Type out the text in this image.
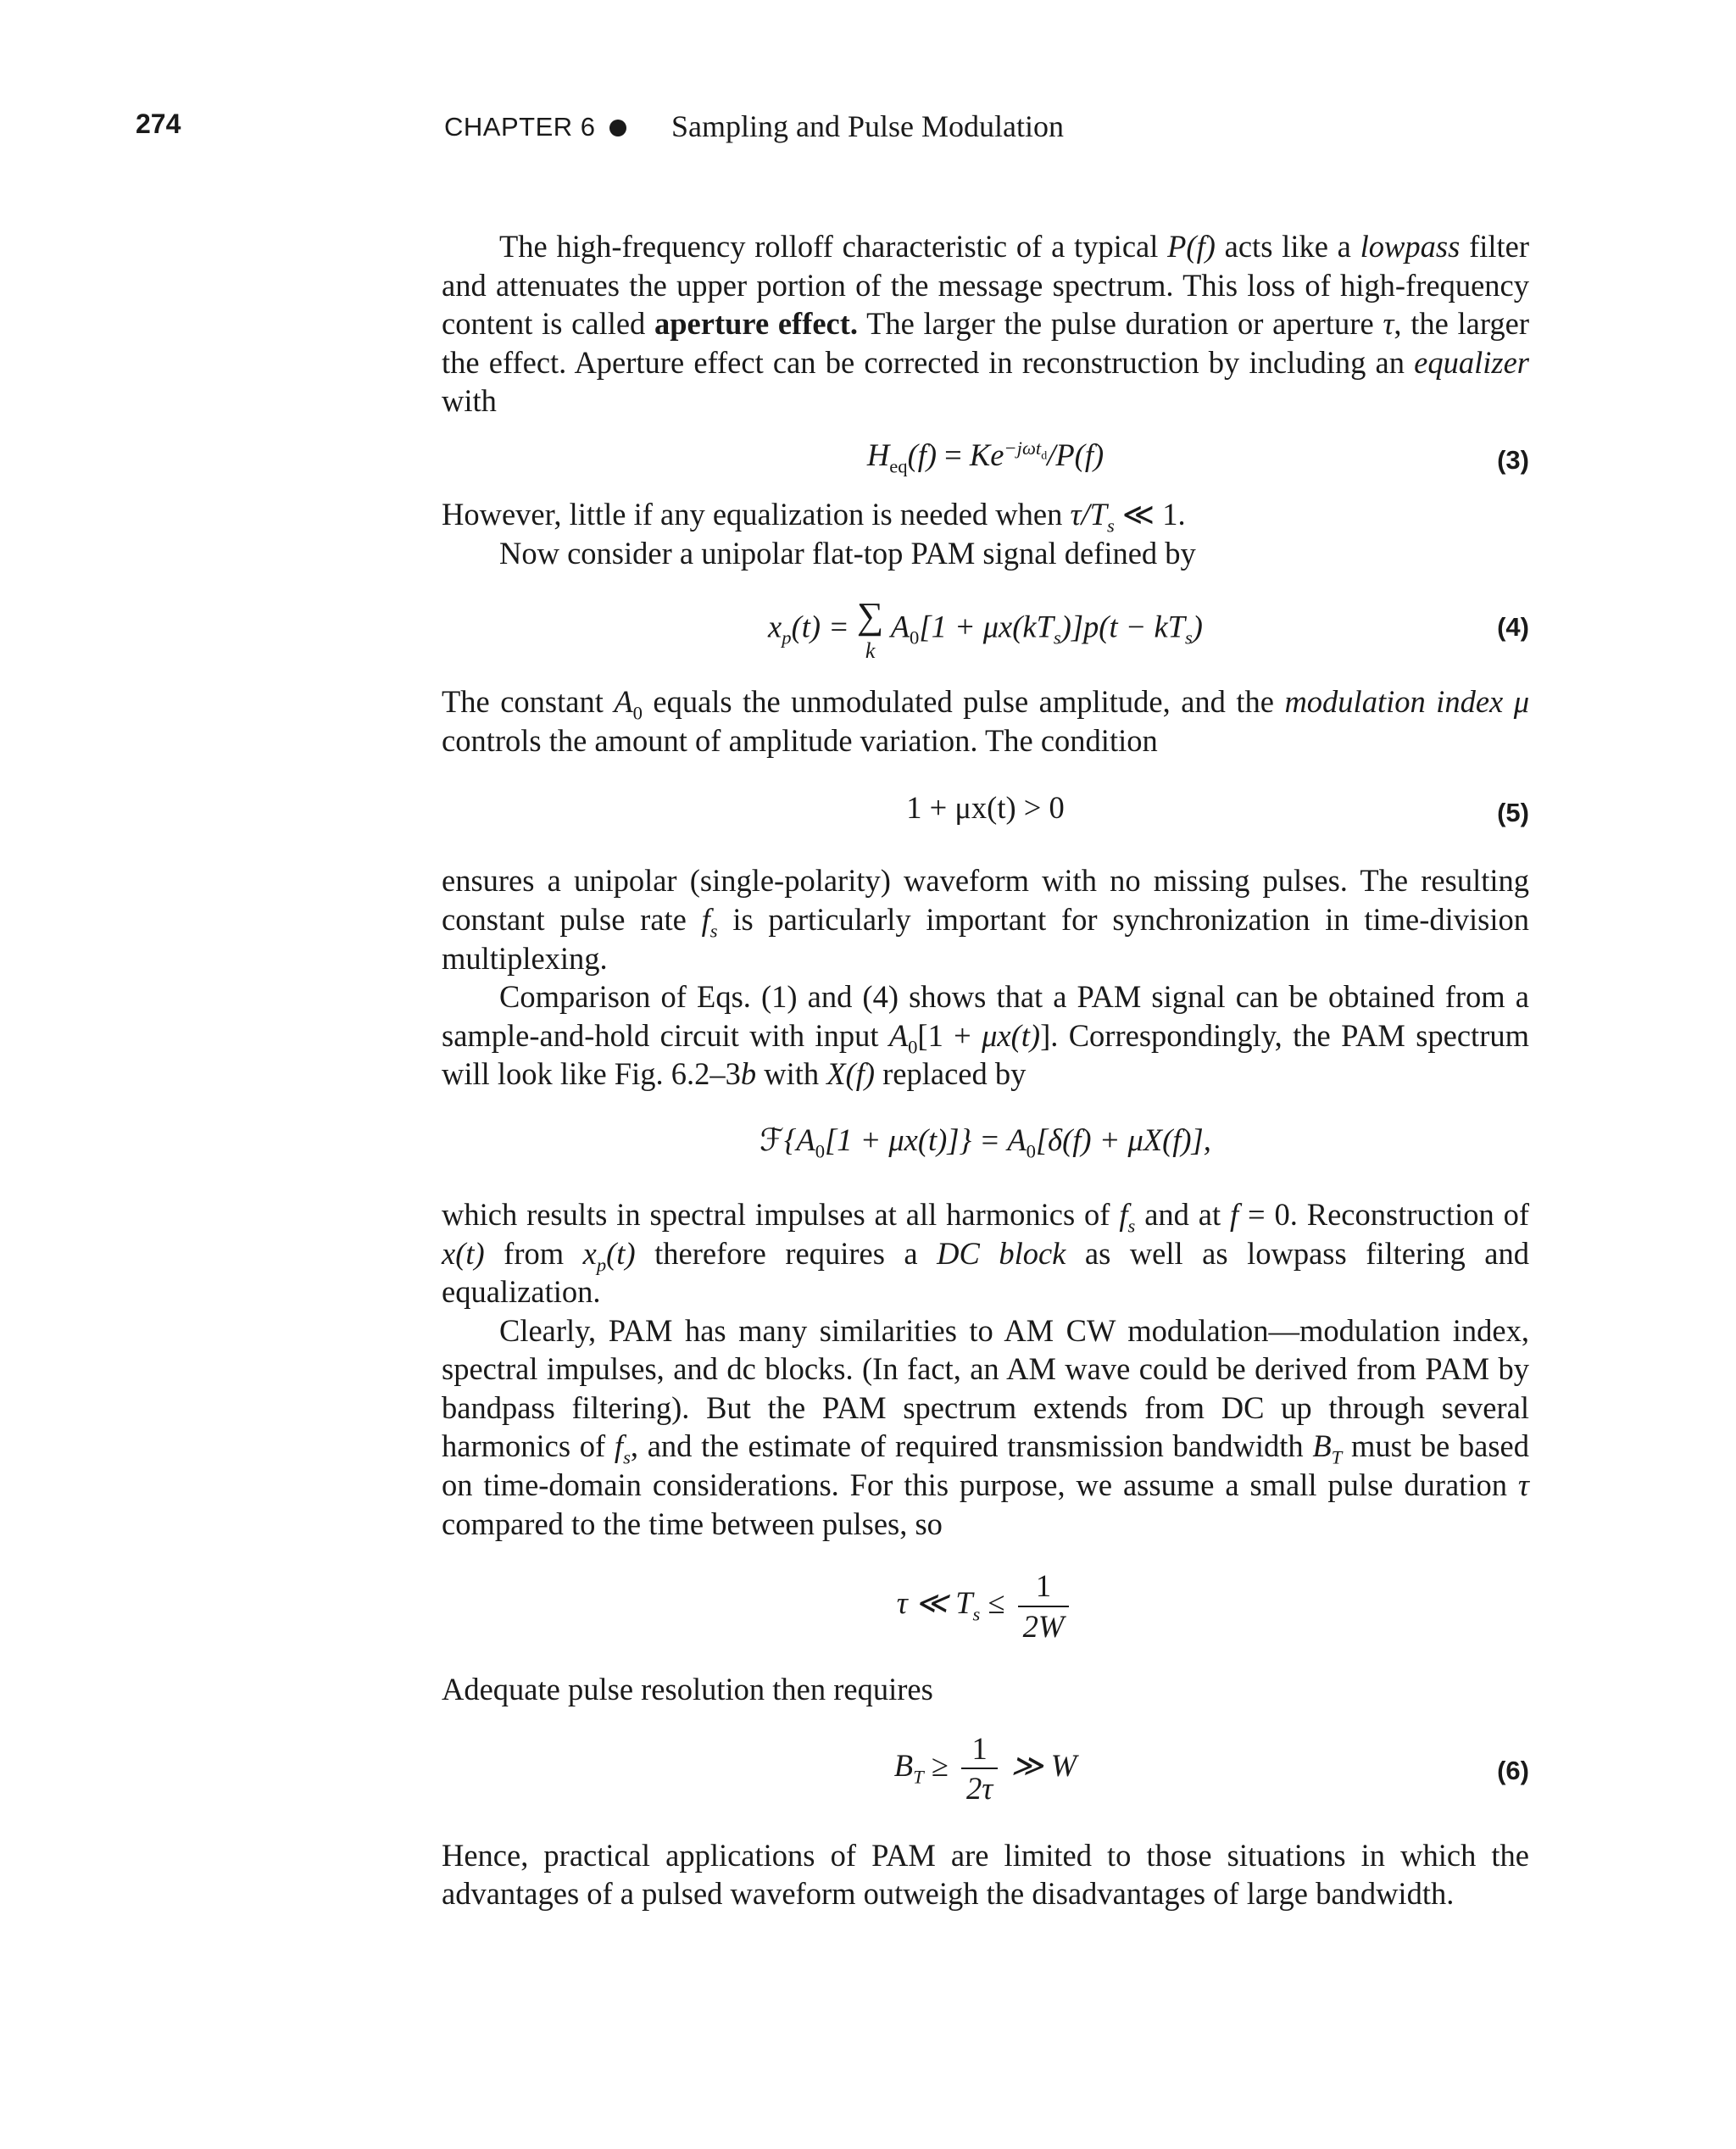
274	CHAPTER 6 Sampling and Pulse Modulation

The high-frequency rolloff characteristic of a typical P(f) acts like a lowpass filter and attenuates the upper portion of the message spectrum. This loss of high-frequency content is called aperture effect. The larger the pulse duration or aperture τ, the larger the effect. Aperture effect can be corrected in reconstruction by including an equalizer with

$H_{eq}(f) = Ke^{-j\omega t_d}/P(f)$	(3)

However, little if any equalization is needed when $\tau/T_s$ ≪ 1.

Now consider a unipolar flat-top PAM signal defined by

$x_p(t)$ = ∑
k
$A_0[1 + \mu x(kT_s)]p(t - kT_s)$	(4)

The constant $A_0$ equals the unmodulated pulse amplitude, and the modulation index μ controls the amount of amplitude variation. The condition

1 + μx(t) > 0	(5)

ensures a unipolar (single-polarity) waveform with no missing pulses. The resulting constant pulse rate $f_s$ is particularly important for synchronization in time-division multiplexing.

Comparison of Eqs. (1) and (4) shows that a PAM signal can be obtained from a sample-and-hold circuit with input $A_0[1 + \mu x(t)]$. Correspondingly, the PAM spectrum will look like Fig. 6.2–3b with X(f) replaced by

$ℱ\{A_0[1 + \mu x(t)]\} = A_0[\delta(f) + \mu X(f)]$,

which results in spectral impulses at all harmonics of $f_s$ and at f = 0. Reconstruction of x(t) from $x_p(t)$ therefore requires a DC block as well as lowpass filtering and equalization.

Clearly, PAM has many similarities to AM CW modulation—modulation index, spectral impulses, and dc blocks. (In fact, an AM wave could be derived from PAM by bandpass filtering). But the PAM spectrum extends from DC up through several harmonics of $f_s$, and the estimate of required transmission bandwidth $B_T$ must be based on time-domain considerations. For this purpose, we assume a small pulse duration τ compared to the time between pulses, so

τ ≪ $T_s \le \frac{1}{2W}$

Adequate pulse resolution then requires

$B_T \ge \frac{1}{2\tau}$ ≫ W	(6)

Hence, practical applications of PAM are limited to those situations in which the advantages of a pulsed waveform outweigh the disadvantages of large bandwidth.
